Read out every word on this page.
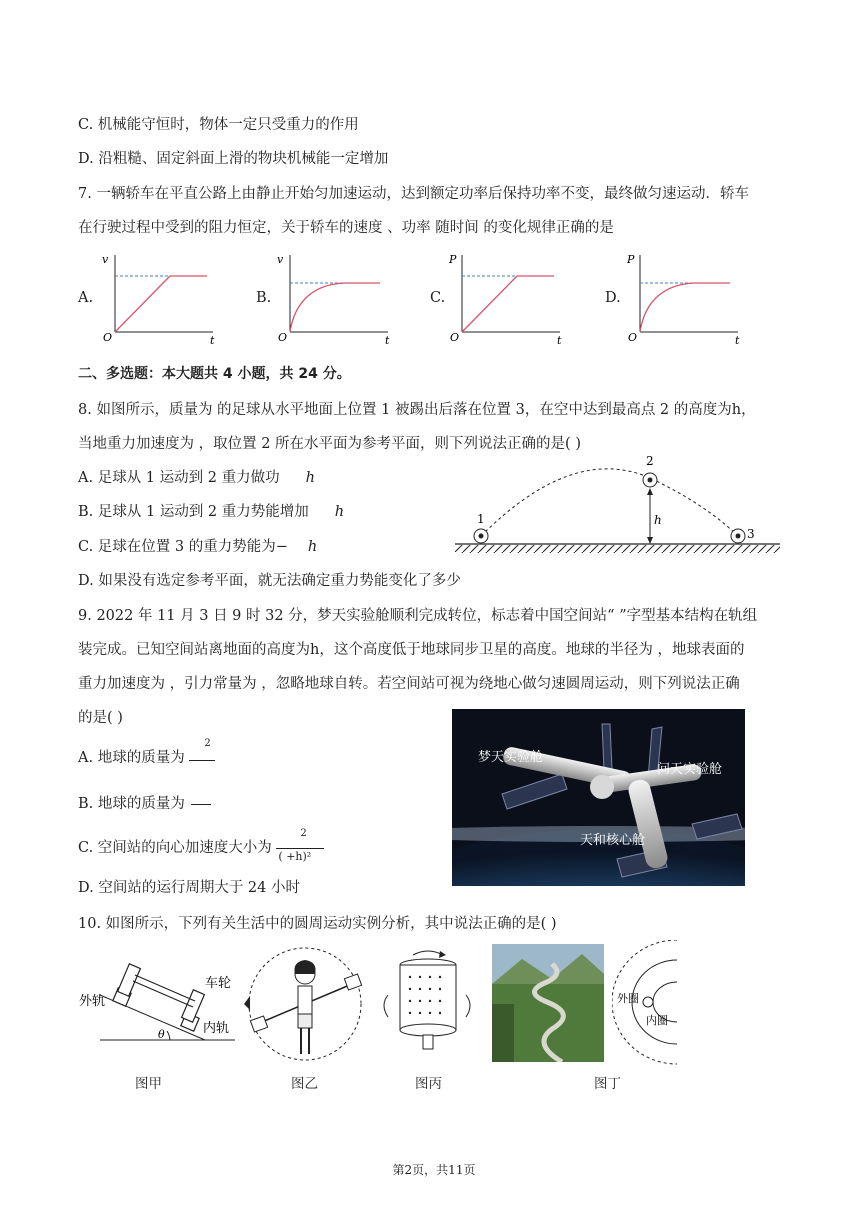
C. 机械能守恒时，物体一定只受重力的作用
D. 沿粗糙、固定斜面上滑的物块机械能一定增加
7. 一辆轿车在平直公路上由静止开始匀加速运动，达到额定功率后保持功率不变，最终做匀速运动．轿车
在行驶过程中受到的阻力恒定，关于轿车的速度 、功率 随时间 的变化规律正确的是
A.	B.	C.	D.
v
O	t
v
O	t
P
O	t
P
O	t
二、多选题：本大题共 4 小题，共 24 分。
8. 如图所示，质量为 的足球从水平地面上位置 1 被踢出后落在位置 3，在空中达到最高点 2 的高度为h，
当地重力加速度为 ，取位置 2 所在水平面为参考平面，则下列说法正确的是( )
A. 足球从 1 运动到 2 重力做功 h
B. 足球从 1 运动到 2 重力势能增加 h
C. 足球在位置 3 的重力势能为− h
D. 如果没有选定参考平面，就无法确定重力势能变化了多少
1
2
3
h
9. 2022 年 11 月 3 日 9 时 32 分，梦天实验舱顺利完成转位，标志着中国空间站“ ”字型基本结构在轨组
装完成。已知空间站离地面的高度为h，这个高度低于地球同步卫星的高度。地球的半径为 ，地球表面的
重力加速度为 ，引力常量为 ，忽略地球自转。若空间站可视为绕地心做匀速圆周运动，则下列说法正确
的是( )
A. 地球的质量为
2
B. 地球的质量为
C. 空间站的向心加速度大小为 $\frac{2}{\text{( +h)²}}$
D. 空间站的运行周期大于 24 小时
梦天实验舱
问天实验舱
天和核心舱
10. 如图所示，下列有关生活中的圆周运动实例分析，其中说法正确的是( )
外轨
车轮
内轨
θ
外圈
内圈
图甲	图乙	图丙	图丁
第2页，共11页
